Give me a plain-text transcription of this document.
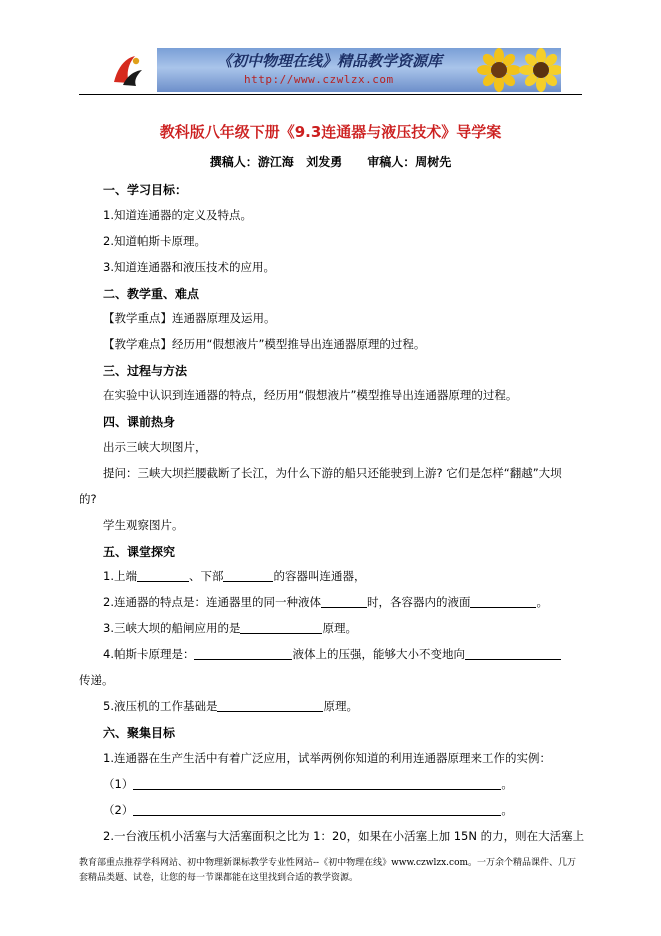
《初中物理在线》精品教学资源库
http://www.czwlzx.com
教科版八年级下册《9.3连通器与液压技术》导学案
撰稿人：游江海   刘发勇      审稿人：周树先
一、学习目标：
1.知道连通器的定义及特点。
2.知道帕斯卡原理。
3.知道连通器和液压技术的应用。
二、教学重、难点
【教学重点】连通器原理及运用。
【教学难点】经历用“假想液片”模型推导出连通器原理的过程。
三、过程与方法
在实验中认识到连通器的特点，经历用“假想液片”模型推导出连通器原理的过程。
四、课前热身
出示三峡大坝图片，
提问：三峡大坝拦腰截断了长江，为什么下游的船只还能驶到上游? 它们是怎样“翻越”大坝
的?
学生观察图片。
五、课堂探究
1.上端	、下部	的容器叫连通器，
2.连通器的特点是：连通器里的同一种液体	时，各容器内的液面	。
3.三峡大坝的船闸应用的是	原理。
4.帕斯卡原理是：	液体上的压强，能够大小不变地向
传递。
5.液压机的工作基础是	原理。
六、聚集目标
1.连通器在生产生活中有着广泛应用，试举两例你知道的利用连通器原理来工作的实例：
（1）	。
（2）	。
2.一台液压机小活塞与大活塞面积之比为 1：20，如果在小活塞上加 15N 的力，则在大活塞上
教育部重点推荐学科网站、初中物理新课标教学专业性网站--《初中物理在线》www.czwlzx.com。一万余个精品课件、几万套精品类题、试卷，让您的每一节课都能在这里找到合适的教学资源。
